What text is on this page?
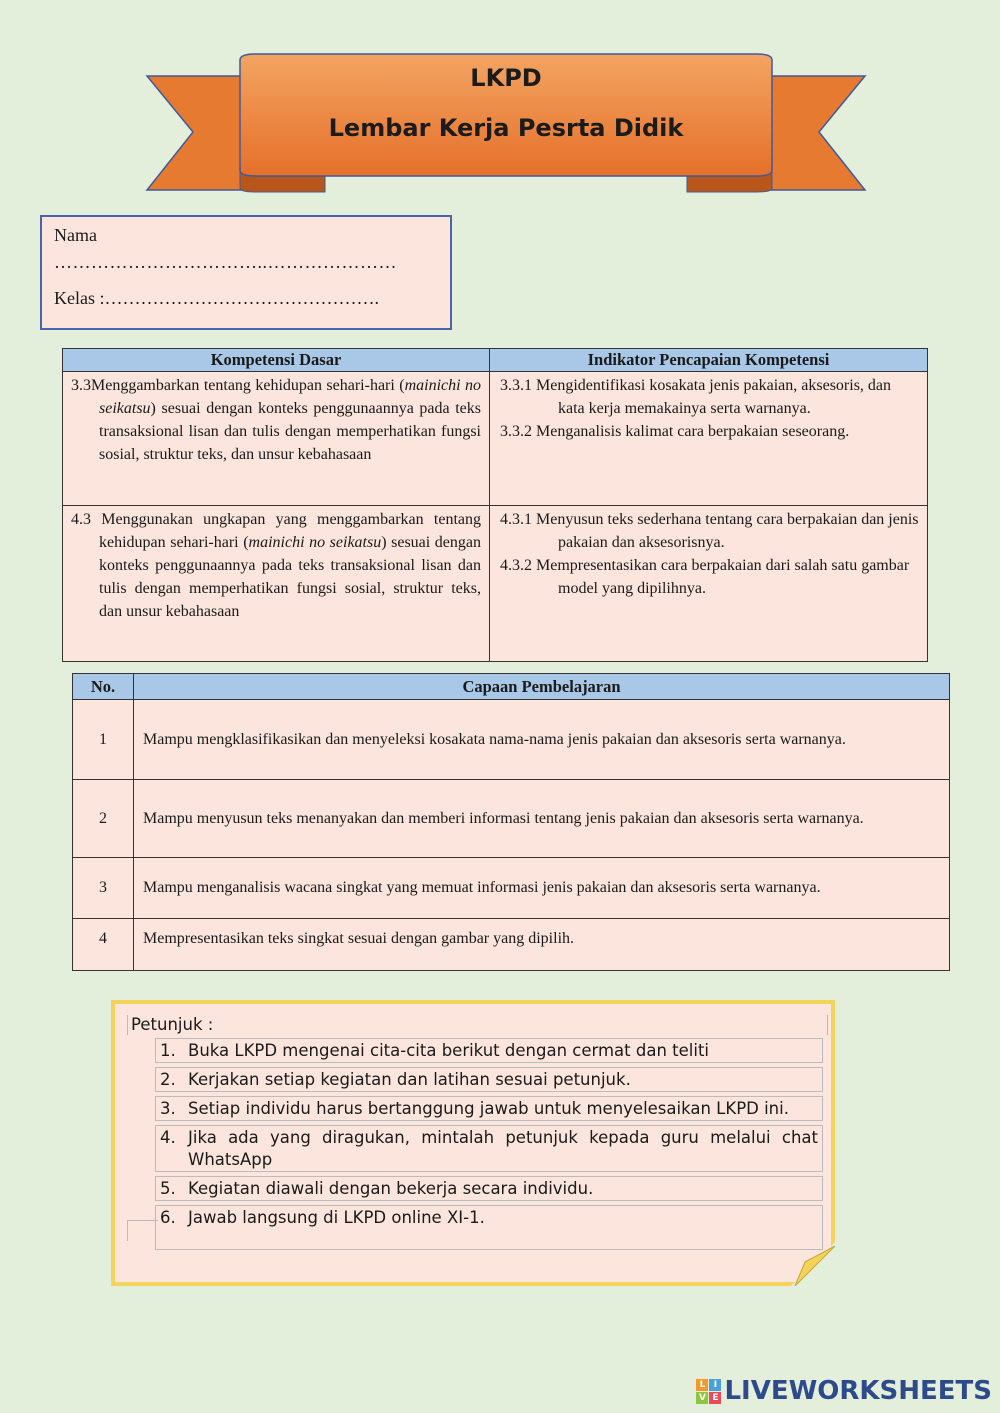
LKPD
Lembar Kerja Pesrta Didik
Nama
……………………………..…………………
Kelas :……………………………………….
Kompetensi Dasar	Indikator Pencapaian Kompetensi

3.3Menggambarkan tentang kehidupan sehari-hari (mainichi no seikatsu) sesuai dengan konteks penggunaannya pada teks transaksional lisan dan tulis dengan memperhatikan fungsi sosial, struktur teks, dan unsur kebahasaan	3.3.1 Mengidentifikasi kosakata jenis pakaian, aksesoris, dan kata kerja memakainya serta warnanya.
3.3.2 Menganalisis kalimat cara berpakaian seseorang.

4.3 Menggunakan ungkapan yang menggambarkan tentang kehidupan sehari-hari (mainichi no seikatsu) sesuai dengan konteks penggunaannya pada teks transaksional lisan dan tulis dengan memperhatikan fungsi sosial, struktur teks, dan unsur kebahasaan	4.3.1 Menyusun teks sederhana tentang cara berpakaian dan jenis pakaian dan aksesorisnya.
4.3.2 Mempresentasikan cara berpakaian dari salah satu gambar model yang dipilihnya.
No.	Capaan Pembelajaran
1	Mampu mengklasifikasikan dan menyeleksi kosakata nama-nama jenis pakaian dan aksesoris serta warnanya.
2	Mampu menyusun teks menanyakan dan memberi informasi tentang jenis pakaian dan aksesoris serta warnanya.
3	Mampu menganalisis wacana singkat yang memuat informasi jenis pakaian dan aksesoris serta warnanya.
4	Mempresentasikan teks singkat sesuai dengan gambar yang dipilih.
Petunjuk :
1. Buka LKPD mengenai cita-cita berikut dengan cermat dan teliti
2. Kerjakan setiap kegiatan dan latihan sesuai petunjuk.
3. Setiap individu harus bertanggung jawab untuk menyelesaikan LKPD ini.
4. Jika ada yang diragukan, mintalah petunjuk kepada guru melalui chat WhatsApp
5. Kegiatan diawali dengan bekerja secara individu.
6. Jawab langsung di LKPD online XI-1.
L I
V E LIVEWORKSHEETS
